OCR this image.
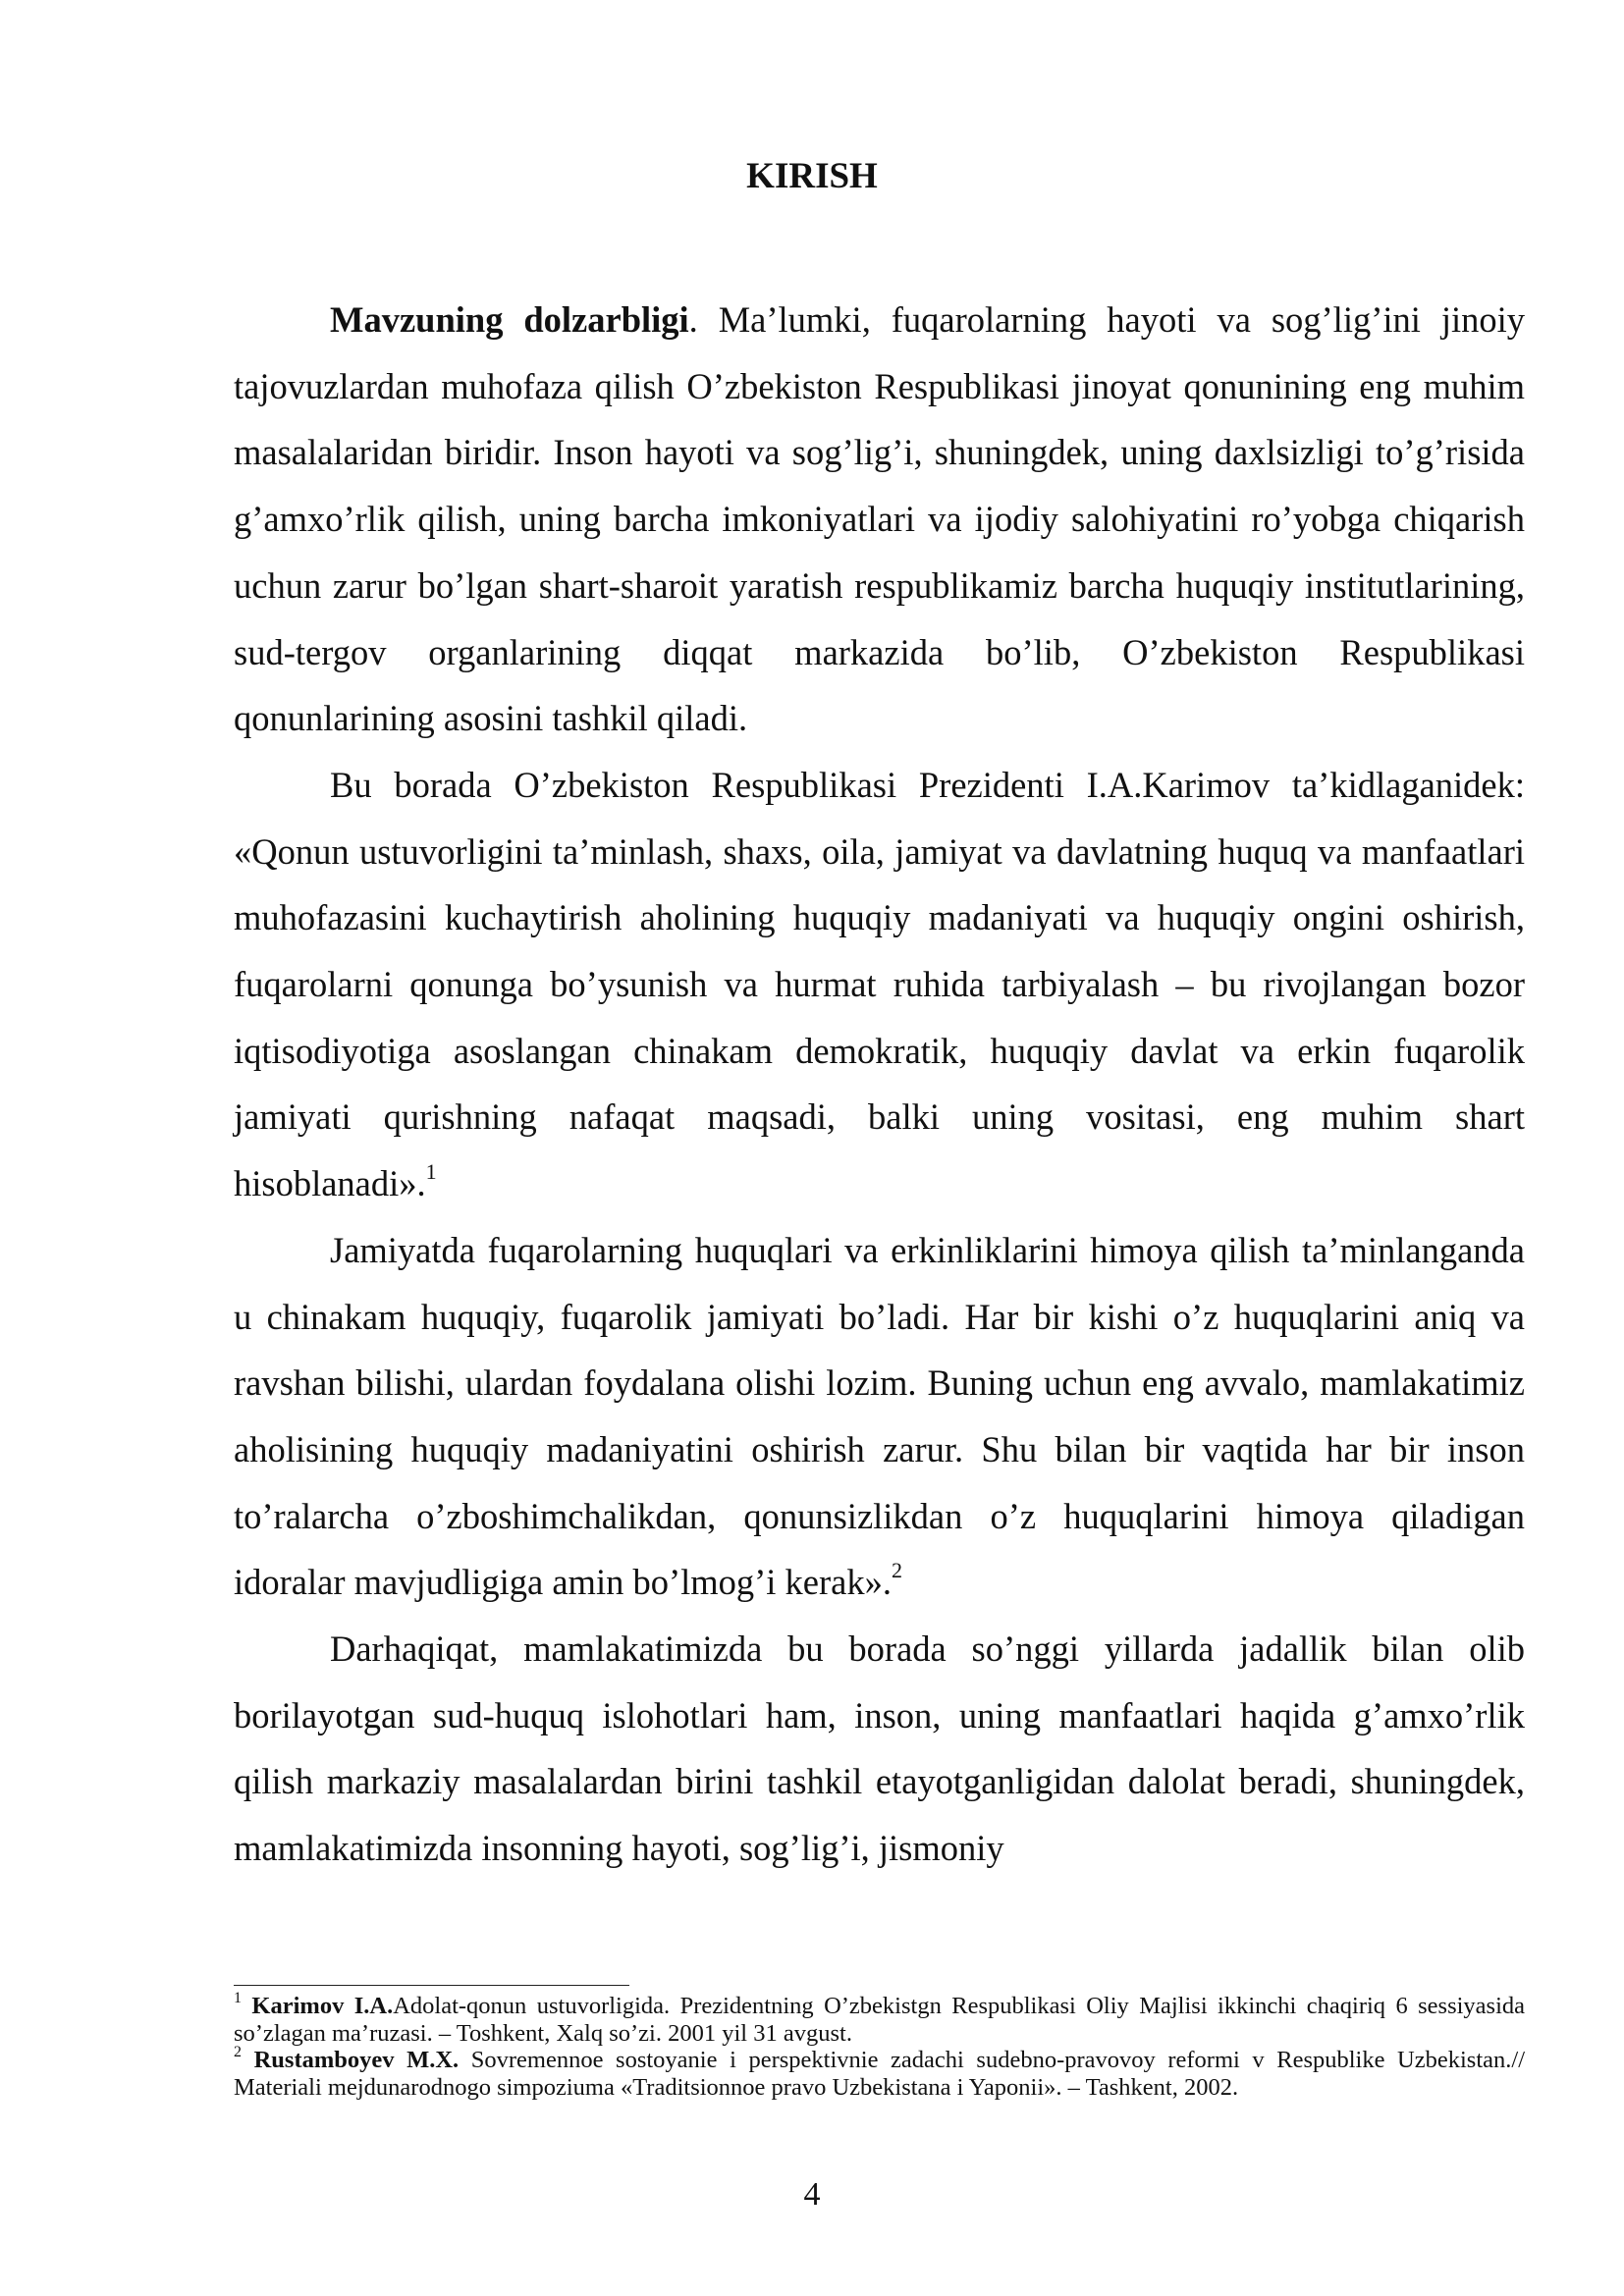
KIRISH

Mavzuning dolzarbligi. Ma’lumki, fuqarolarning hayoti va sog’lig’ini jinoiy tajovuzlardan muhofaza qilish O’zbekiston Respublikasi jinoyat qonunining eng muhim masalalaridan biridir. Inson hayoti va sog’lig’i, shuningdek, uning daxlsizligi to’g’risida g’amxo’rlik qilish, uning barcha imkoniyatlari va ijodiy salohiyatini ro’yobga chiqarish uchun zarur bo’lgan shart-sharoit yaratish respublikamiz barcha huquqiy institutlarining, sud-tergov organlarining diqqat markazida bo’lib, O’zbekiston Respublikasi qonunlarining asosini tashkil qiladi.

Bu borada O’zbekiston Respublikasi Prezidenti I.A.Karimov ta’kidlaganidek: «Qonun ustuvorligini ta’minlash, shaxs, oila, jamiyat va davlatning huquq va manfaatlari muhofazasini kuchaytirish aholining huquqiy madaniyati va huquqiy ongini oshirish, fuqarolarni qonunga bo’ysunish va hurmat ruhida tarbiyalash – bu rivojlangan bozor iqtisodiyotiga asoslangan chinakam demokratik, huquqiy davlat va erkin fuqarolik jamiyati qurishning nafaqat maqsadi, balki uning vositasi, eng muhim shart hisoblanadi».$^1$

Jamiyatda fuqarolarning huquqlari va erkinliklarini himoya qilish ta’minlanganda u chinakam huquqiy, fuqarolik jamiyati bo’ladi. Har bir kishi o’z huquqlarini aniq va ravshan bilishi, ulardan foydalana olishi lozim. Buning uchun eng avvalo, mamlakatimiz aholisining huquqiy madaniyatini oshirish zarur. Shu bilan bir vaqtida har bir inson to’ralarcha o’zboshimchalikdan, qonunsizlikdan o’z huquqlarini himoya qiladigan idoralar mavjudligiga amin bo’lmog’i kerak».$^2$

Darhaqiqat, mamlakatimizda bu borada so’nggi yillarda jadallik bilan olib borilayotgan sud-huquq islohotlari ham, inson, uning manfaatlari haqida g’amxo’rlik qilish markaziy masalalardan birini tashkil etayotganligidan dalolat beradi, shuningdek, mamlakatimizda insonning hayoti, sog’lig’i, jismoniy

$^1$ Karimov I.A.Adolat-qonun ustuvorligida. Prezidentning O’zbekistgn Respublikasi Oliy Majlisi ikkinchi chaqiriq 6 sessiyasida so’zlagan ma’ruzasi. – Toshkent, Xalq so’zi. 2001 yil 31 avgust.

$^2$ Rustamboyev M.X. Sovremennoe sostoyanie i perspektivnie zadachi sudebno-pravovoy reformi v Respublike Uzbekistan.// Materiali mejdunarodnogo simpoziuma «Traditsionnoe pravo Uzbekistana i Yaponii». – Tashkent, 2002.

4
